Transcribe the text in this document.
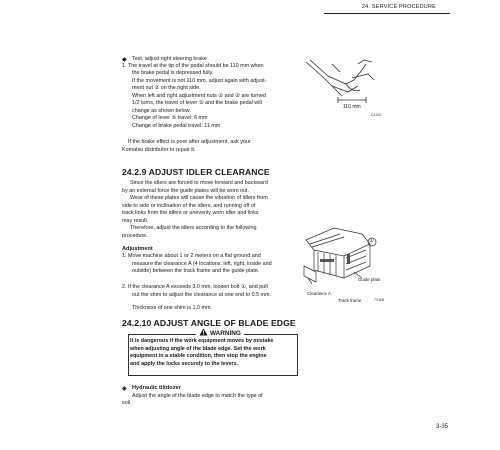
24. SERVICE PROCEDURE
◆ Test, adjust right steering brake
1. The travel at the tip of the pedal should be 110 mm when
the brake pedal is depressed fully.
If the movement is not 110 mm, adjust again with adjust-
ment nut ② on the right side.
When left and right adjustment nuts ② and ② are turned
1/2 turns, the travel of lever ⑤ and the brake pedal will
change as shown below.
Change of lever ⑤ travel: 6 mm
Change of brake pedal travel: 11 mm
If the brake effect is poor after adjustment, ask your
Komatsu distributor to repair it.
110 mm
C1247
24.2.9 ADJUST IDLER CLEARANCE
Since the idlers are forced to move forward and backward
by an external force the guide plates will be worn out.
Wear of these plates will cause the vibration of idlers from
side to side or inclination of the idlers, and running off of
track links from the idlers or unevenly worn idler and links
may result.
Therefore, adjust the idlers according to the following
procedure.
Adjustment
1. Move machine about 1 or 2 meters on a flat ground and
measure the clearance A (4 locations: left, right, inside and
outside) between the track frame and the guide plate.
2. If the clearance A exceeds 3.0 mm, loosen bolt ①, and pull
out the shim to adjust the clearance at one end to 0.5 mm.
Thickness of one shim is 1.0 mm.
①
Guide plate
Clearance A
Track frame	7Y11B
24.2.10 ADJUST ANGLE OF BLADE EDGE
WARNING
It is dangerous if the work equipment moves by mistake
when adjusting angle of the blade edge. Set the work
equipment in a stable condition, then stop the engine
and apply the locks securely to the levers.
◆ Hydraulic tiltdozer
Adjust the angle of the blade edge to match the type of
soil.
3-35
